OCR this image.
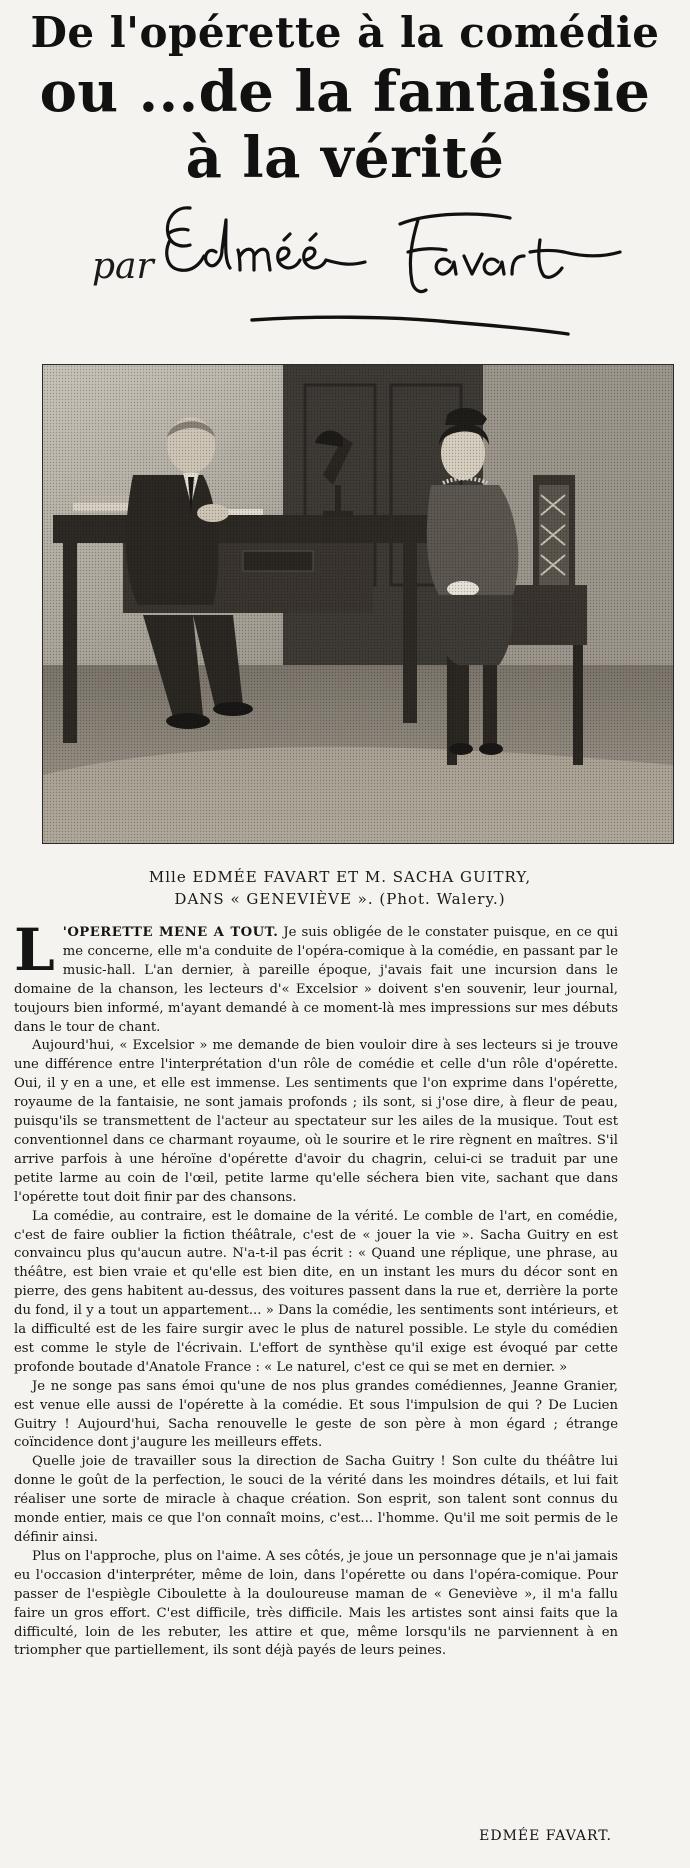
De l'opérette à la comédie
ou ...de la fantaisie
à la vérité
par
Mlle EDMÉE FAVART ET M. SACHA GUITRY,
DANS « GENEVIÈVE ». (Phot. Walery.)

L 'OPERETTE MENE A TOUT. Je suis obligée de le constater puisque, en ce qui me concerne, elle m'a conduite de l'opéra-comique à la comédie, en passant par le music-hall. L'an dernier, à pareille époque, j'avais fait une incursion dans le domaine de la chanson, les lecteurs d'« Excelsior » doivent s'en souvenir, leur journal, toujours bien informé, m'ayant demandé à ce moment-là mes impressions sur mes débuts dans le tour de chant.

Aujourd'hui, « Excelsior » me demande de bien vouloir dire à ses lecteurs si je trouve une différence entre l'interprétation d'un rôle de comédie et celle d'un rôle d'opérette. Oui, il y en a une, et elle est immense. Les sentiments que l'on exprime dans l'opérette, royaume de la fantaisie, ne sont jamais profonds ; ils sont, si j'ose dire, à fleur de peau, puisqu'ils se transmettent de l'acteur au spectateur sur les ailes de la musique. Tout est conventionnel dans ce charmant royaume, où le sourire et le rire règnent en maîtres. S'il arrive parfois à une héroïne d'opérette d'avoir du chagrin, celui-ci se traduit par une petite larme au coin de l'œil, petite larme qu'elle séchera bien vite, sachant que dans l'opérette tout doit finir par des chansons.

La comédie, au contraire, est le domaine de la vérité. Le comble de l'art, en comédie, c'est de faire oublier la fiction théâtrale, c'est de « jouer la vie ». Sacha Guitry en est convaincu plus qu'aucun autre. N'a-t-il pas écrit : « Quand une réplique, une phrase, au théâtre, est bien vraie et qu'elle est bien dite, en un instant les murs du décor sont en pierre, des gens habitent au-dessus, des voitures passent dans la rue et, derrière la porte du fond, il y a tout un appartement... » Dans la comédie, les sentiments sont intérieurs, et la difficulté est de les faire surgir avec le plus de naturel possible. Le style du comédien est comme le style de l'écrivain. L'effort de synthèse qu'il exige est évoqué par cette profonde boutade d'Anatole France : « Le naturel, c'est ce qui se met en dernier. »

Je ne songe pas sans émoi qu'une de nos plus grandes comédiennes, Jeanne Granier, est venue elle aussi de l'opérette à la comédie. Et sous l'impulsion de qui ? De Lucien Guitry ! Aujourd'hui, Sacha renouvelle le geste de son père à mon égard ; étrange coïncidence dont j'augure les meilleurs effets.

Quelle joie de travailler sous la direction de Sacha Guitry ! Son culte du théâtre lui donne le goût de la perfection, le souci de la vérité dans les moindres détails, et lui fait réaliser une sorte de miracle à chaque création. Son esprit, son talent sont connus du monde entier, mais ce que l'on connaît moins, c'est... l'homme. Qu'il me soit permis de le définir ainsi.

Plus on l'approche, plus on l'aime. A ses côtés, je joue un personnage que je n'ai jamais eu l'occasion d'interpréter, même de loin, dans l'opérette ou dans l'opéra-comique. Pour passer de l'espiègle Ciboulette à la douloureuse maman de « Geneviève », il m'a fallu faire un gros effort. C'est difficile, très difficile. Mais les artistes sont ainsi faits que la difficulté, loin de les rebuter, les attire et que, même lorsqu'ils ne parviennent à en triompher que partiellement, ils sont déjà payés de leurs peines.

EDMÉE FAVART.
